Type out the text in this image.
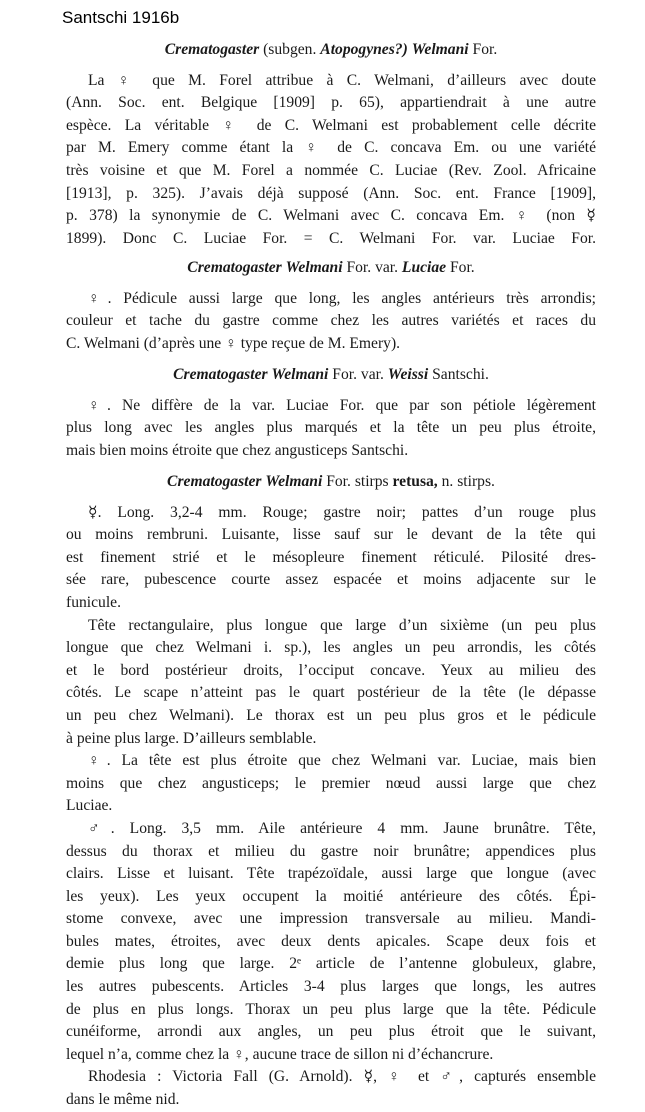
Santschi 1916b
Crematogaster (subgen. Atopogynes?) Welmani For.
La ♀ que M. Forel attribue à C. Welmani, d’ailleurs avec doute
(Ann. Soc. ent. Belgique [1909] p. 65), appartiendrait à une autre
espèce. La véritable ♀ de C. Welmani est probablement celle décrite
par M. Emery comme étant la ♀ de C. concava Em. ou une variété
très voisine et que M. Forel a nommée C. Luciae (Rev. Zool. Africaine
[1913], p. 325). J’avais déjà supposé (Ann. Soc. ent. France [1909],
p. 378) la synonymie de C. Welmani avec C. concava Em. ♀ (non ☿
1899). Donc C. Luciae For. = C. Welmani For. var. Luciae For.
Crematogaster Welmani For. var. Luciae For.
♀. Pédicule aussi large que long, les angles antérieurs très arrondis;
couleur et tache du gastre comme chez les autres variétés et races du
C. Welmani (d’après une ♀ type reçue de M. Emery).
Crematogaster Welmani For. var. Weissi Santschi.
♀. Ne diffère de la var. Luciae For. que par son pétiole légèrement
plus long avec les angles plus marqués et la tête un peu plus étroite,
mais bien moins étroite que chez angusticeps Santschi.
Crematogaster Welmani For. stirps retusa, n. stirps.
☿. Long. 3,2-4 mm. Rouge; gastre noir; pattes d’un rouge plus
ou moins rembruni. Luisante, lisse sauf sur le devant de la tête qui
est finement strié et le mésopleure finement réticulé. Pilosité dres-
sée rare, pubescence courte assez espacée et moins adjacente sur le
funicule.
Tête rectangulaire, plus longue que large d’un sixième (un peu plus
longue que chez Welmani i. sp.), les angles un peu arrondis, les côtés
et le bord postérieur droits, l’occiput concave. Yeux au milieu des
côtés. Le scape n’atteint pas le quart postérieur de la tête (le dépasse
un peu chez Welmani). Le thorax est un peu plus gros et le pédicule
à peine plus large. D’ailleurs semblable.
♀. La tête est plus étroite que chez Welmani var. Luciae, mais bien
moins que chez angusticeps; le premier nœud aussi large que chez
Luciae.
♂. Long. 3,5 mm. Aile antérieure 4 mm. Jaune brunâtre. Tête,
dessus du thorax et milieu du gastre noir brunâtre; appendices plus
clairs. Lisse et luisant. Tête trapézoïdale, aussi large que longue (avec
les yeux). Les yeux occupent la moitié antérieure des côtés. Épi-
stome convexe, avec une impression transversale au milieu. Mandi-
bules mates, étroites, avec deux dents apicales. Scape deux fois et
demie plus long que large. 2ᵉ article de l’antenne globuleux, glabre,
les autres pubescents. Articles 3-4 plus larges que longs, les autres
de plus en plus longs. Thorax un peu plus large que la tête. Pédicule
cunéiforme, arrondi aux angles, un peu plus étroit que le suivant,
lequel n’a, comme chez la ♀, aucune trace de sillon ni d’échancrure.
Rhodesia : Victoria Fall (G. Arnold). ☿, ♀ et ♂, capturés ensemble
dans le même nid.
